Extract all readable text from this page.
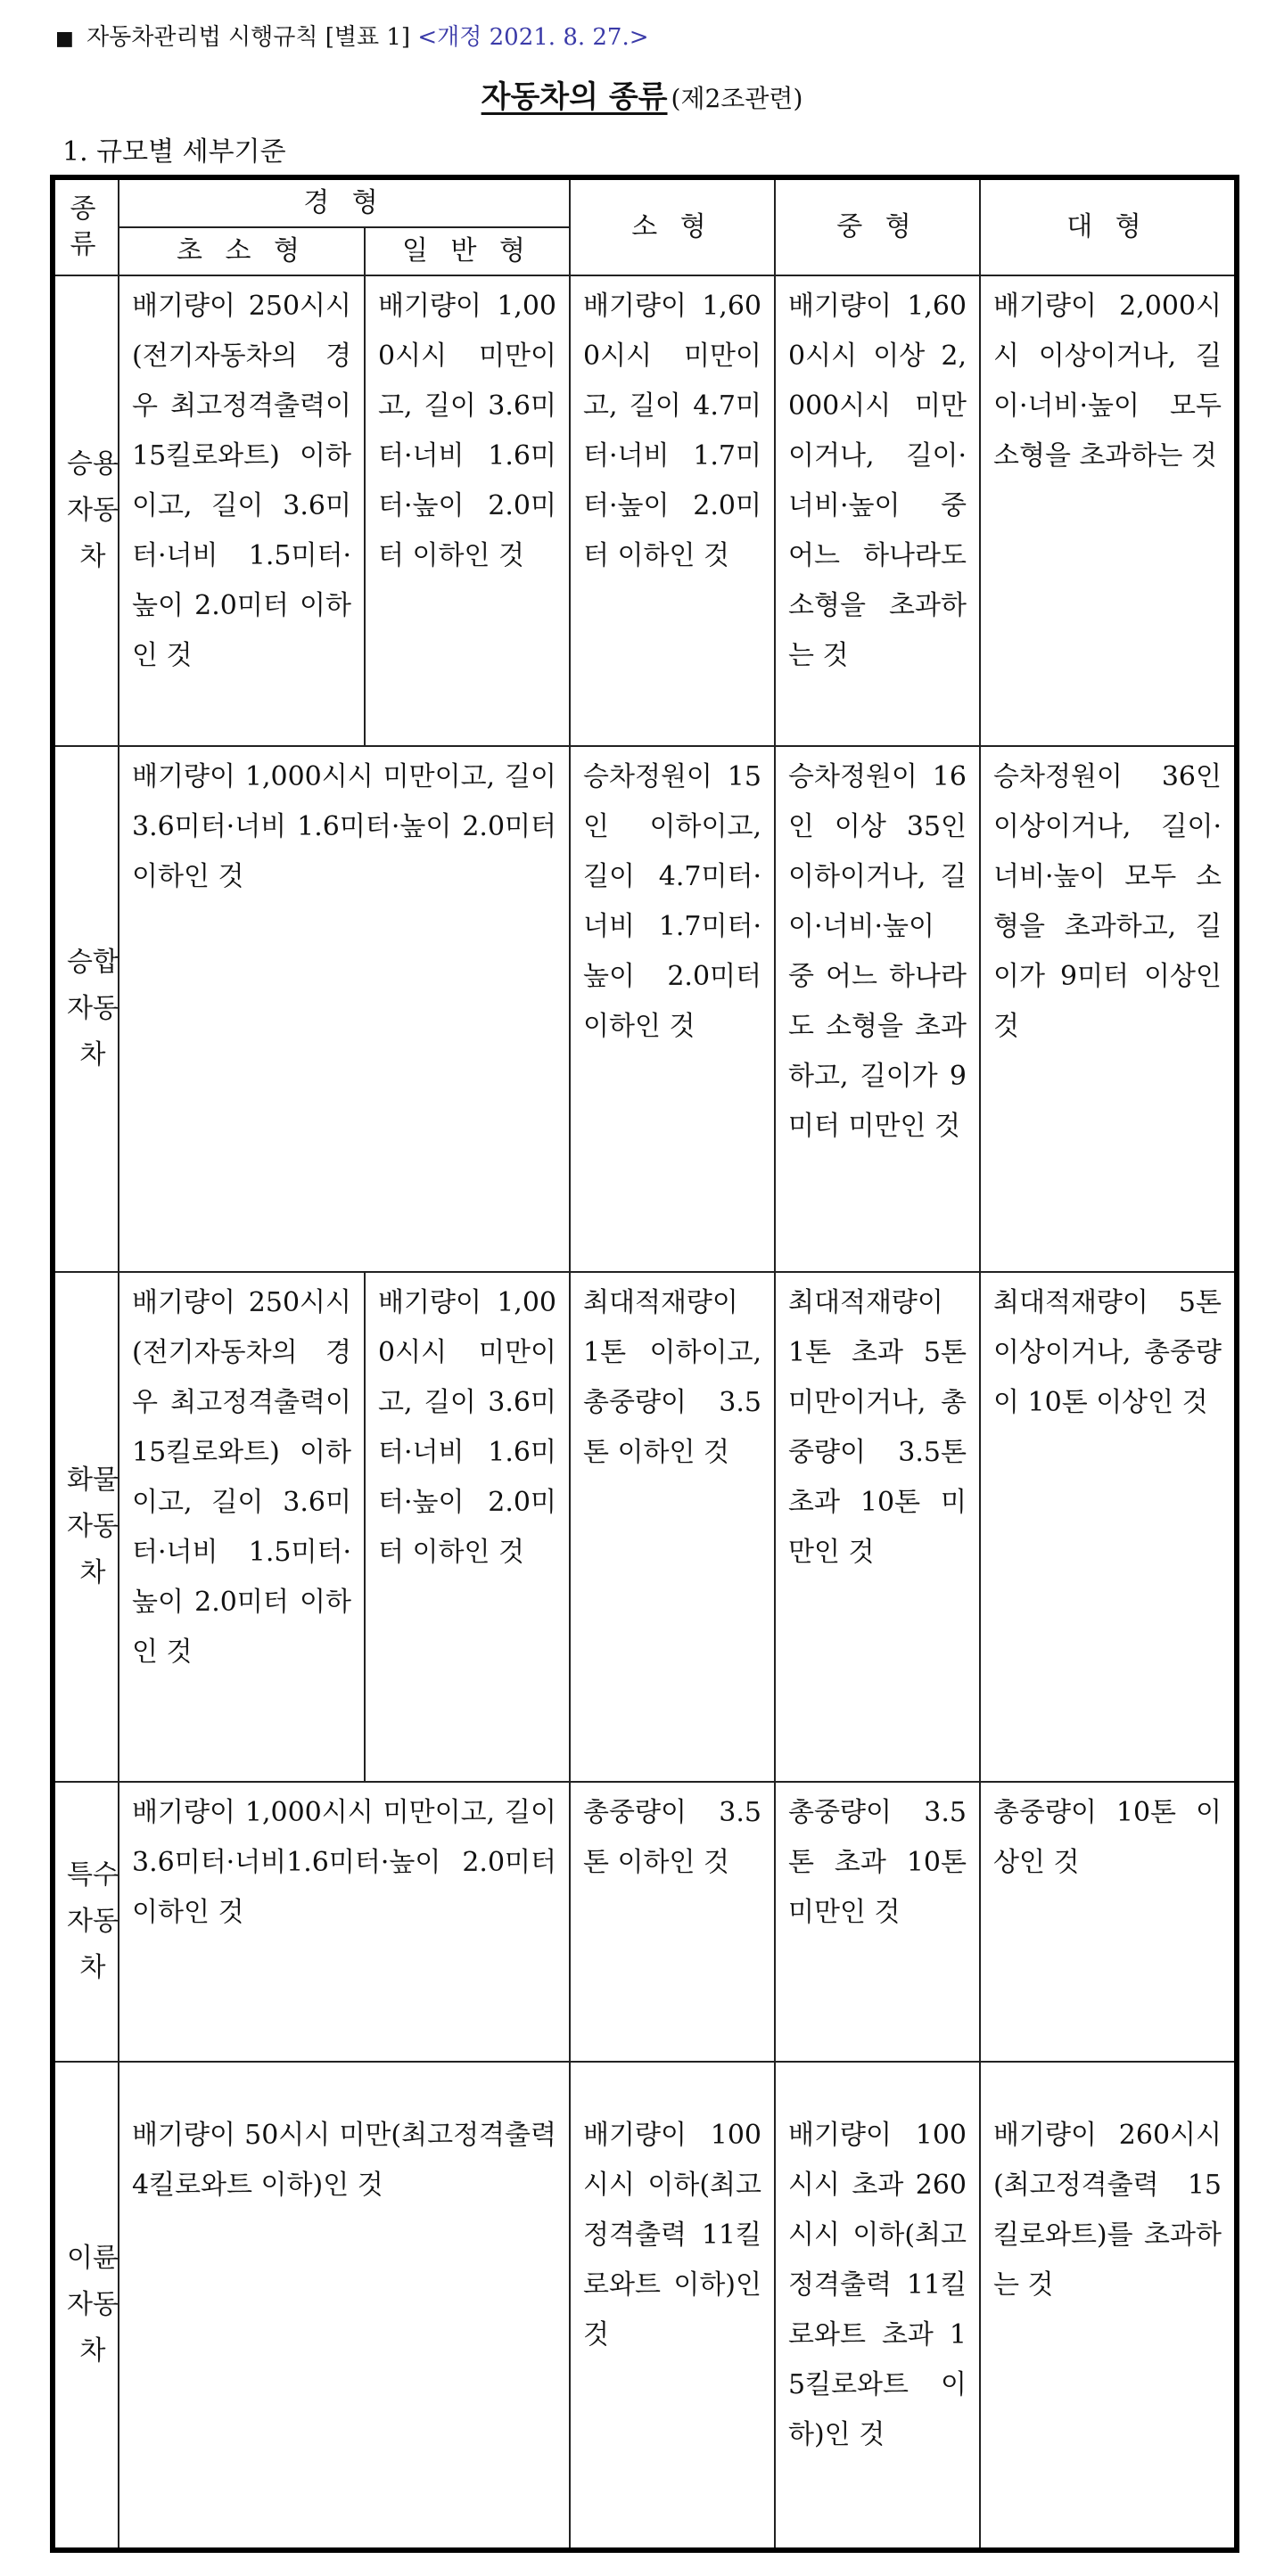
■ 자동차관리법 시행규칙 [별표 1] <개정 2021. 8. 27.>
자동차의 종류 (제2조관련)
1. 규모별 세부기준
종 류	경 형		소 형	중 형	대 형
	초 소 형	일 반 형			
승용 자동 차	배기량이 250시시(전기자동차의 경우 최고정격출력이 15킬로와트) 이하이고, 길이 3.6미터·너비 1.5미터·높이 2.0미터 이하인 것	배기량이 1,000시시 미만이고, 길이 3.6미터·너비 1.6미터·높이 2.0미터 이하인 것	배기량이 1,600시시 미만이고, 길이 4.7미터·너비 1.7미터·높이 2.0미터 이하인 것	배기량이 1,600시시 이상 2,000시시 미만이거나, 길이·너비·높이 중 어느 하나라도 소형을 초과하는 것	배기량이 2,000시시 이상이거나, 길이·너비·높이 모두 소형을 초과하는 것
승합 자동 차	배기량이 1,000시시 미만이고, 길이 3.6미터·너비 1.6미터·높이 2.0미터 이하인 것		승차정원이 15인 이하이고, 길이 4.7미터·너비 1.7미터·높이 2.0미터 이하인 것	승차정원이 16인 이상 35인 이하이거나, 길이·너비·높이 중 어느 하나라도 소형을 초과하고, 길이가 9미터 미만인 것	승차정원이 36인 이상이거나, 길이·너비·높이 모두 소형을 초과하고, 길이가 9미터 이상인 것
화물 자동 차	배기량이 250시시(전기자동차의 경우 최고정격출력이 15킬로와트) 이하이고, 길이 3.6미터·너비 1.5미터·높이 2.0미터 이하인 것	배기량이 1,000시시 미만이고, 길이 3.6미터·너비 1.6미터·높이 2.0미터 이하인 것	최대적재량이 1톤 이하이고, 총중량이 3.5톤 이하인 것	최대적재량이 1톤 초과 5톤 미만이거나, 총중량이 3.5톤 초과 10톤 미만인 것	최대적재량이 5톤 이상이거나, 총중량이 10톤 이상인 것
특수 자동 차	배기량이 1,000시시 미만이고, 길이 3.6미터·너비1.6미터·높이 2.0미터 이하인 것		총중량이 3.5톤 이하인 것	총중량이 3.5톤 초과 10톤 미만인 것	총중량이 10톤 이상인 것
이륜 자동 차	배기량이 50시시 미만(최고정격출력 4킬로와트 이하)인 것		배기량이 100시시 이하(최고정격출력 11킬로와트 이하)인 것	배기량이 100시시 초과 260시시 이하(최고정격출력 11킬로와트 초과 15킬로와트 이하)인 것	배기량이 260시시(최고정격출력 15킬로와트)를 초과하는 것
